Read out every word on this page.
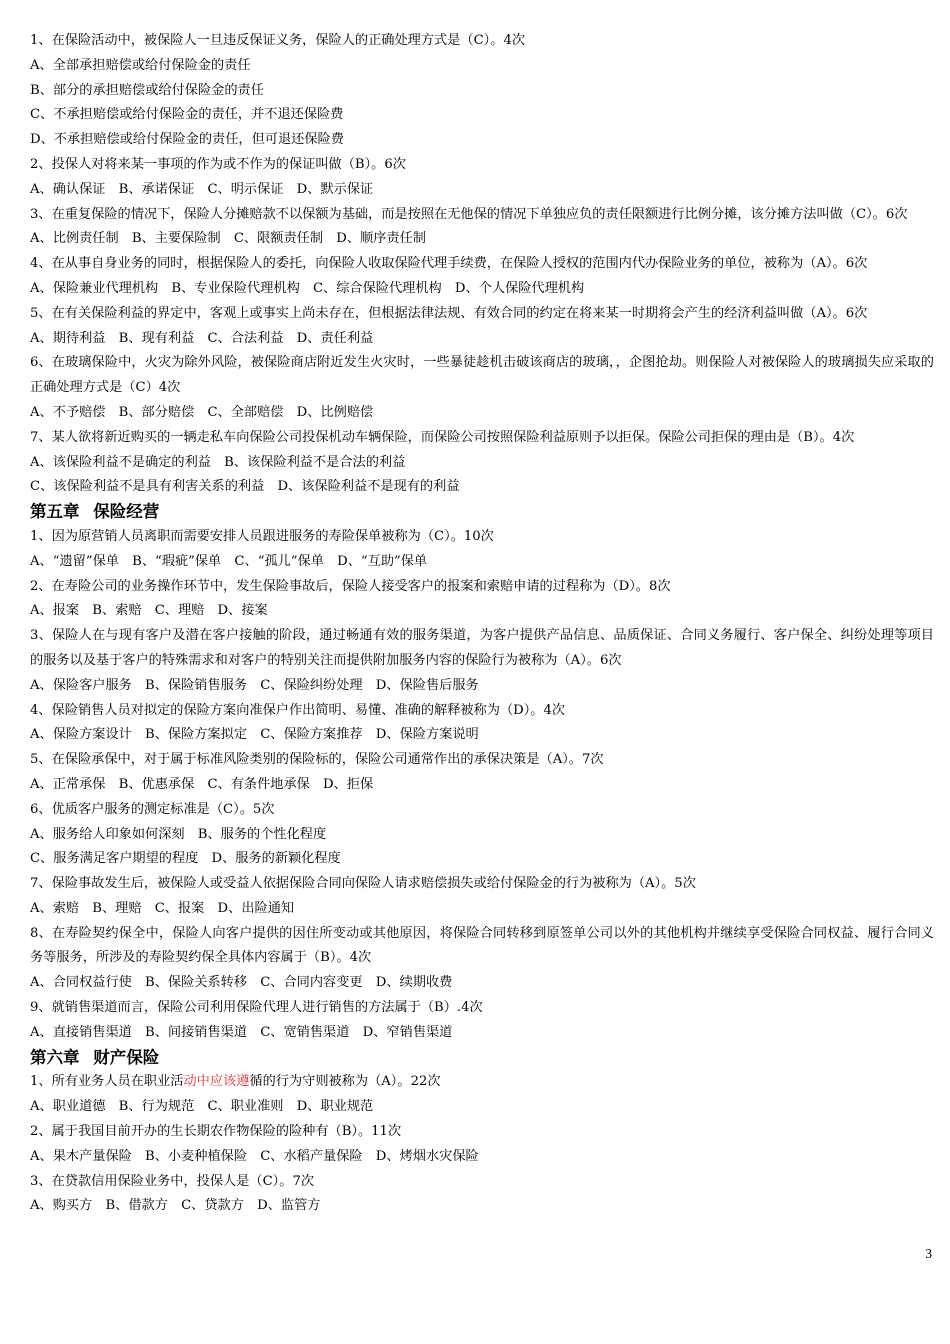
1、在保险活动中，被保险人一旦违反保证义务，保险人的正确处理方式是（C）。4次
A、全部承担赔偿或给付保险金的责任
B、部分的承担赔偿或给付保险金的责任
C、不承担赔偿或给付保险金的责任，并不退还保险费
D、不承担赔偿或给付保险金的责任，但可退还保险费
2、投保人对将来某一事项的作为或不作为的保证叫做（B）。6次
A、确认保证　B、承诺保证　C、明示保证　D、默示保证
3、在重复保险的情况下，保险人分摊赔款不以保额为基础，而是按照在无他保的情况下单独应负的责任限额进行比例分摊，该分摊方法叫做（C）。6次
A、比例责任制　B、主要保险制　C、限额责任制　D、顺序责任制
4、在从事自身业务的同时，根据保险人的委托，向保险人收取保险代理手续费，在保险人授权的范围内代办保险业务的单位，被称为（A）。6次
A、保险兼业代理机构　B、专业保险代理机构　C、综合保险代理机构　D、个人保险代理机构
5、在有关保险利益的界定中，客观上或事实上尚未存在，但根据法律法规、有效合同的约定在将来某一时期将会产生的经济利益叫做（A）。6次
A、期待利益　B、现有利益　C、合法利益　D、责任利益
6、在玻璃保险中，火灾为除外风险，被保险商店附近发生火灾时，一些暴徒趁机击破该商店的玻璃，，企图抢劫。则保险人对被保险人的玻璃损失应采取的正确处理方式是（C）4次
A、不予赔偿　B、部分赔偿　C、全部赔偿　D、比例赔偿
7、某人欲将新近购买的一辆走私车向保险公司投保机动车辆保险，而保险公司按照保险利益原则予以拒保。保险公司拒保的理由是（B）。4次
A、该保险利益不是确定的利益　B、该保险利益不是合法的利益
C、该保险利益不是具有利害关系的利益　D、该保险利益不是现有的利益
第五章 保险经营
1、因为原营销人员离职而需要安排人员跟进服务的寿险保单被称为（C）。10次
A、“遗留”保单　B、“瑕疵”保单　C、“孤儿”保单　D、“互助”保单
2、在寿险公司的业务操作环节中，发生保险事故后，保险人接受客户的报案和索赔申请的过程称为（D）。8次
A、报案　B、索赔　C、理赔　D、接案
3、保险人在与现有客户及潜在客户接触的阶段，通过畅通有效的服务渠道，为客户提供产品信息、品质保证、合同义务履行、客户保全、纠纷处理等项目的服务以及基于客户的特殊需求和对客户的特别关注而提供附加服务内容的保险行为被称为（A）。6次
A、保险客户服务　B、保险销售服务　C、保险纠纷处理　D、保险售后服务
4、保险销售人员对拟定的保险方案向准保户作出简明、易懂、准确的解释被称为（D）。4次
A、保险方案设计　B、保险方案拟定　C、保险方案推荐　D、保险方案说明
5、在保险承保中，对于属于标准风险类别的保险标的，保险公司通常作出的承保决策是（A）。7次
A、正常承保　B、优惠承保　C、有条件地承保　D、拒保
6、优质客户服务的测定标准是（C）。5次
A、服务给人印象如何深刻　B、服务的个性化程度
C、服务满足客户期望的程度　D、服务的新颖化程度
7、保险事故发生后，被保险人或受益人依据保险合同向保险人请求赔偿损失或给付保险金的行为被称为（A）。5次
A、索赔　B、理赔　C、报案　D、出险通知
8、在寿险契约保全中，保险人向客户提供的因住所变动或其他原因，将保险合同转移到原签单公司以外的其他机构并继续享受保险合同权益、履行合同义务等服务，所涉及的寿险契约保全具体内容属于（B）。4次
A、合同权益行使　B、保险关系转移　C、合同内容变更　D、续期收费
9、就销售渠道而言，保险公司利用保险代理人进行销售的方法属于（B）.4次
A、直接销售渠道　B、间接销售渠道　C、宽销售渠道　D、窄销售渠道
第六章 财产保险
1、所有业务人员在职业活动中应该遵循的行为守则被称为（A）。22次
A、职业道德　B、行为规范　C、职业准则　D、职业规范
2、属于我国目前开办的生长期农作物保险的险种有（B）。11次
A、果木产量保险　B、小麦种植保险　C、水稻产量保险　D、烤烟水灾保险
3、在贷款信用保险业务中，投保人是（C）。7次
A、购买方　B、借款方　C、贷款方　D、监管方
3
